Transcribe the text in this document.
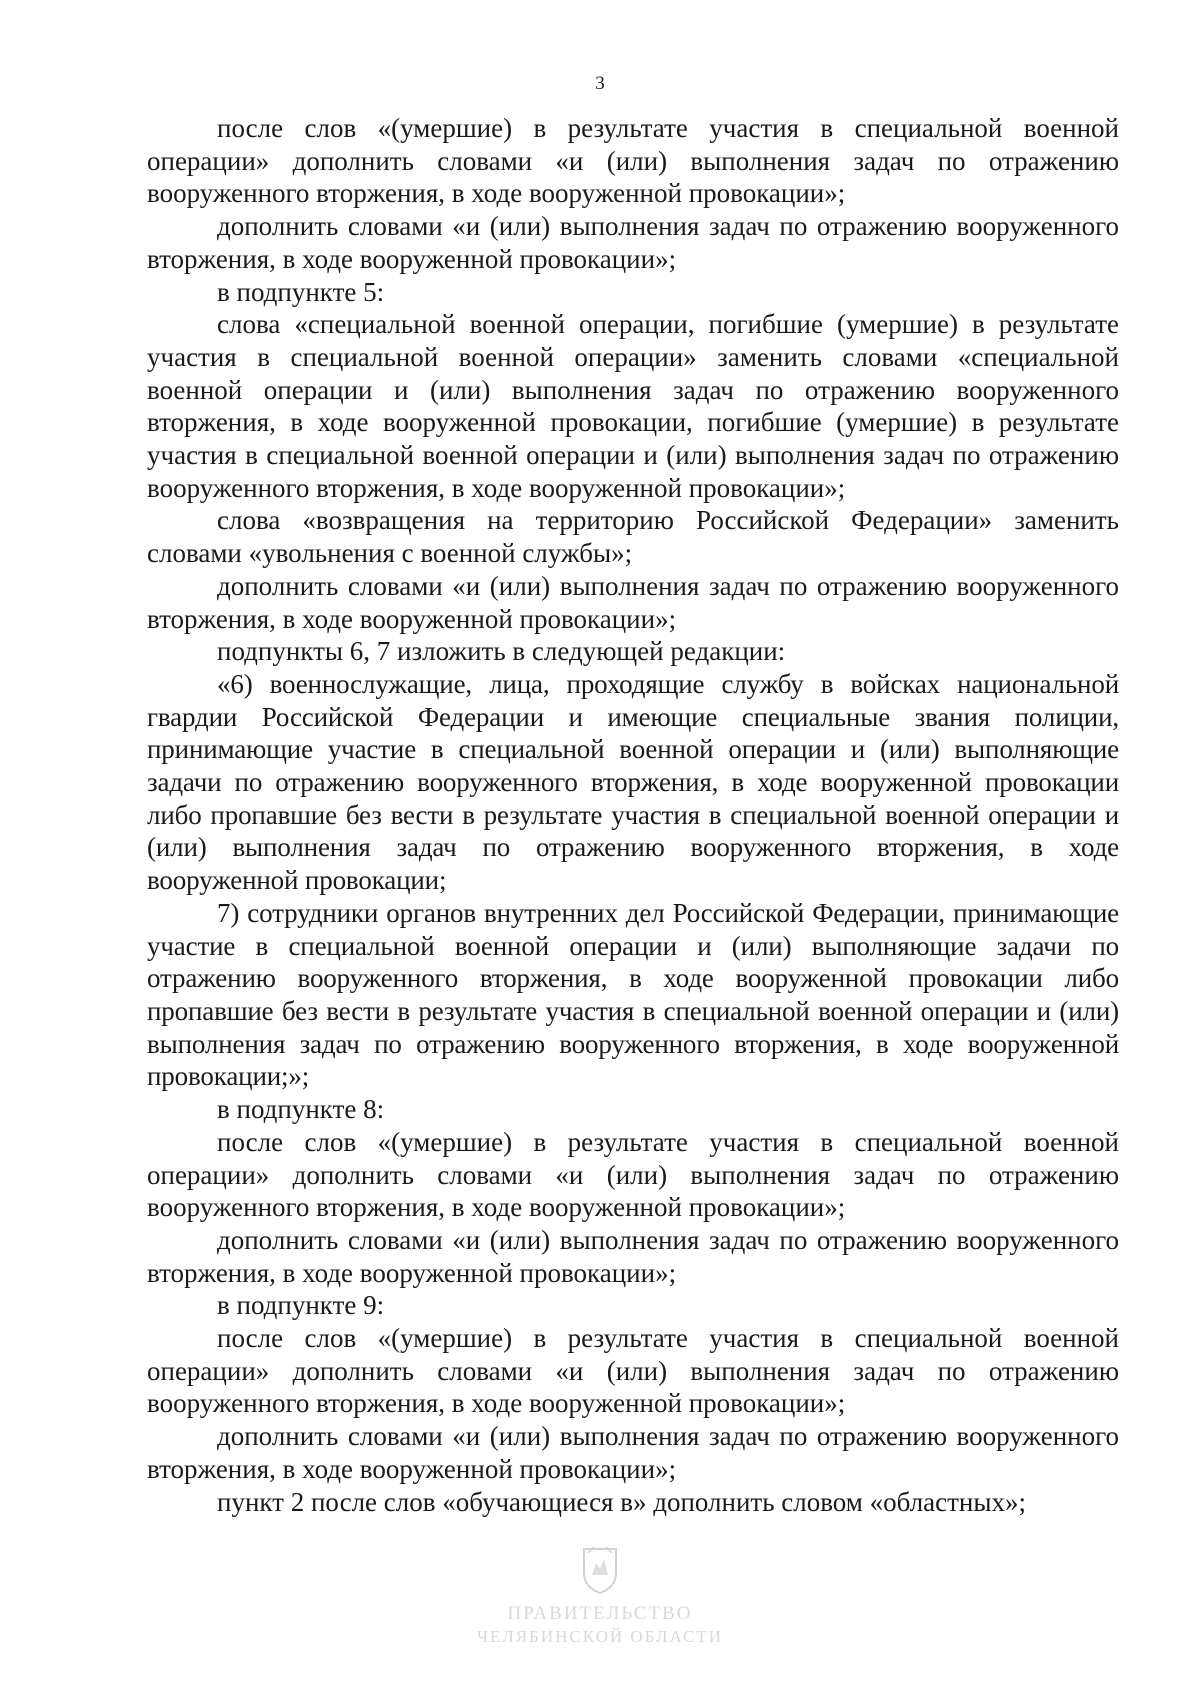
3

после слов «(умершие) в результате участия в специальной военной операции» дополнить словами «и (или) выполнения задач по отражению вооруженного вторжения, в ходе вооруженной провокации»;

дополнить словами «и (или) выполнения задач по отражению вооруженного вторжения, в ходе вооруженной провокации»;

в подпункте 5:

слова «специальной военной операции, погибшие (умершие) в результате участия в специальной военной операции» заменить словами «специальной военной операции и (или) выполнения задач по отражению вооруженного вторжения, в ходе вооруженной провокации, погибшие (умершие) в результате участия в специальной военной операции и (или) выполнения задач по отражению вооруженного вторжения, в ходе вооруженной провокации»;

слова «возвращения на территорию Российской Федерации» заменить словами «увольнения с военной службы»;

дополнить словами «и (или) выполнения задач по отражению вооруженного вторжения, в ходе вооруженной провокации»;

подпункты 6, 7 изложить в следующей редакции:

«6) военнослужащие, лица, проходящие службу в войсках национальной гвардии Российской Федерации и имеющие специальные звания полиции, принимающие участие в специальной военной операции и (или) выполняющие задачи по отражению вооруженного вторжения, в ходе вооруженной провокации либо пропавшие без вести в результате участия в специальной военной операции и (или) выполнения задач по отражению вооруженного вторжения, в ходе вооруженной провокации;

7) сотрудники органов внутренних дел Российской Федерации, принимающие участие в специальной военной операции и (или) выполняющие задачи по отражению вооруженного вторжения, в ходе вооруженной провокации либо пропавшие без вести в результате участия в специальной военной операции и (или) выполнения задач по отражению вооруженного вторжения, в ходе вооруженной провокации;»;

в подпункте 8:

после слов «(умершие) в результате участия в специальной военной операции» дополнить словами «и (или) выполнения задач по отражению вооруженного вторжения, в ходе вооруженной провокации»;

дополнить словами «и (или) выполнения задач по отражению вооруженного вторжения, в ходе вооруженной провокации»;

в подпункте 9:

после слов «(умершие) в результате участия в специальной военной операции» дополнить словами «и (или) выполнения задач по отражению вооруженного вторжения, в ходе вооруженной провокации»;

дополнить словами «и (или) выполнения задач по отражению вооруженного вторжения, в ходе вооруженной провокации»;

пункт 2 после слов «обучающиеся в» дополнить словом «областных»;

ПРАВИТЕЛЬСТВО
ЧЕЛЯБИНСКОЙ ОБЛАСТИ
